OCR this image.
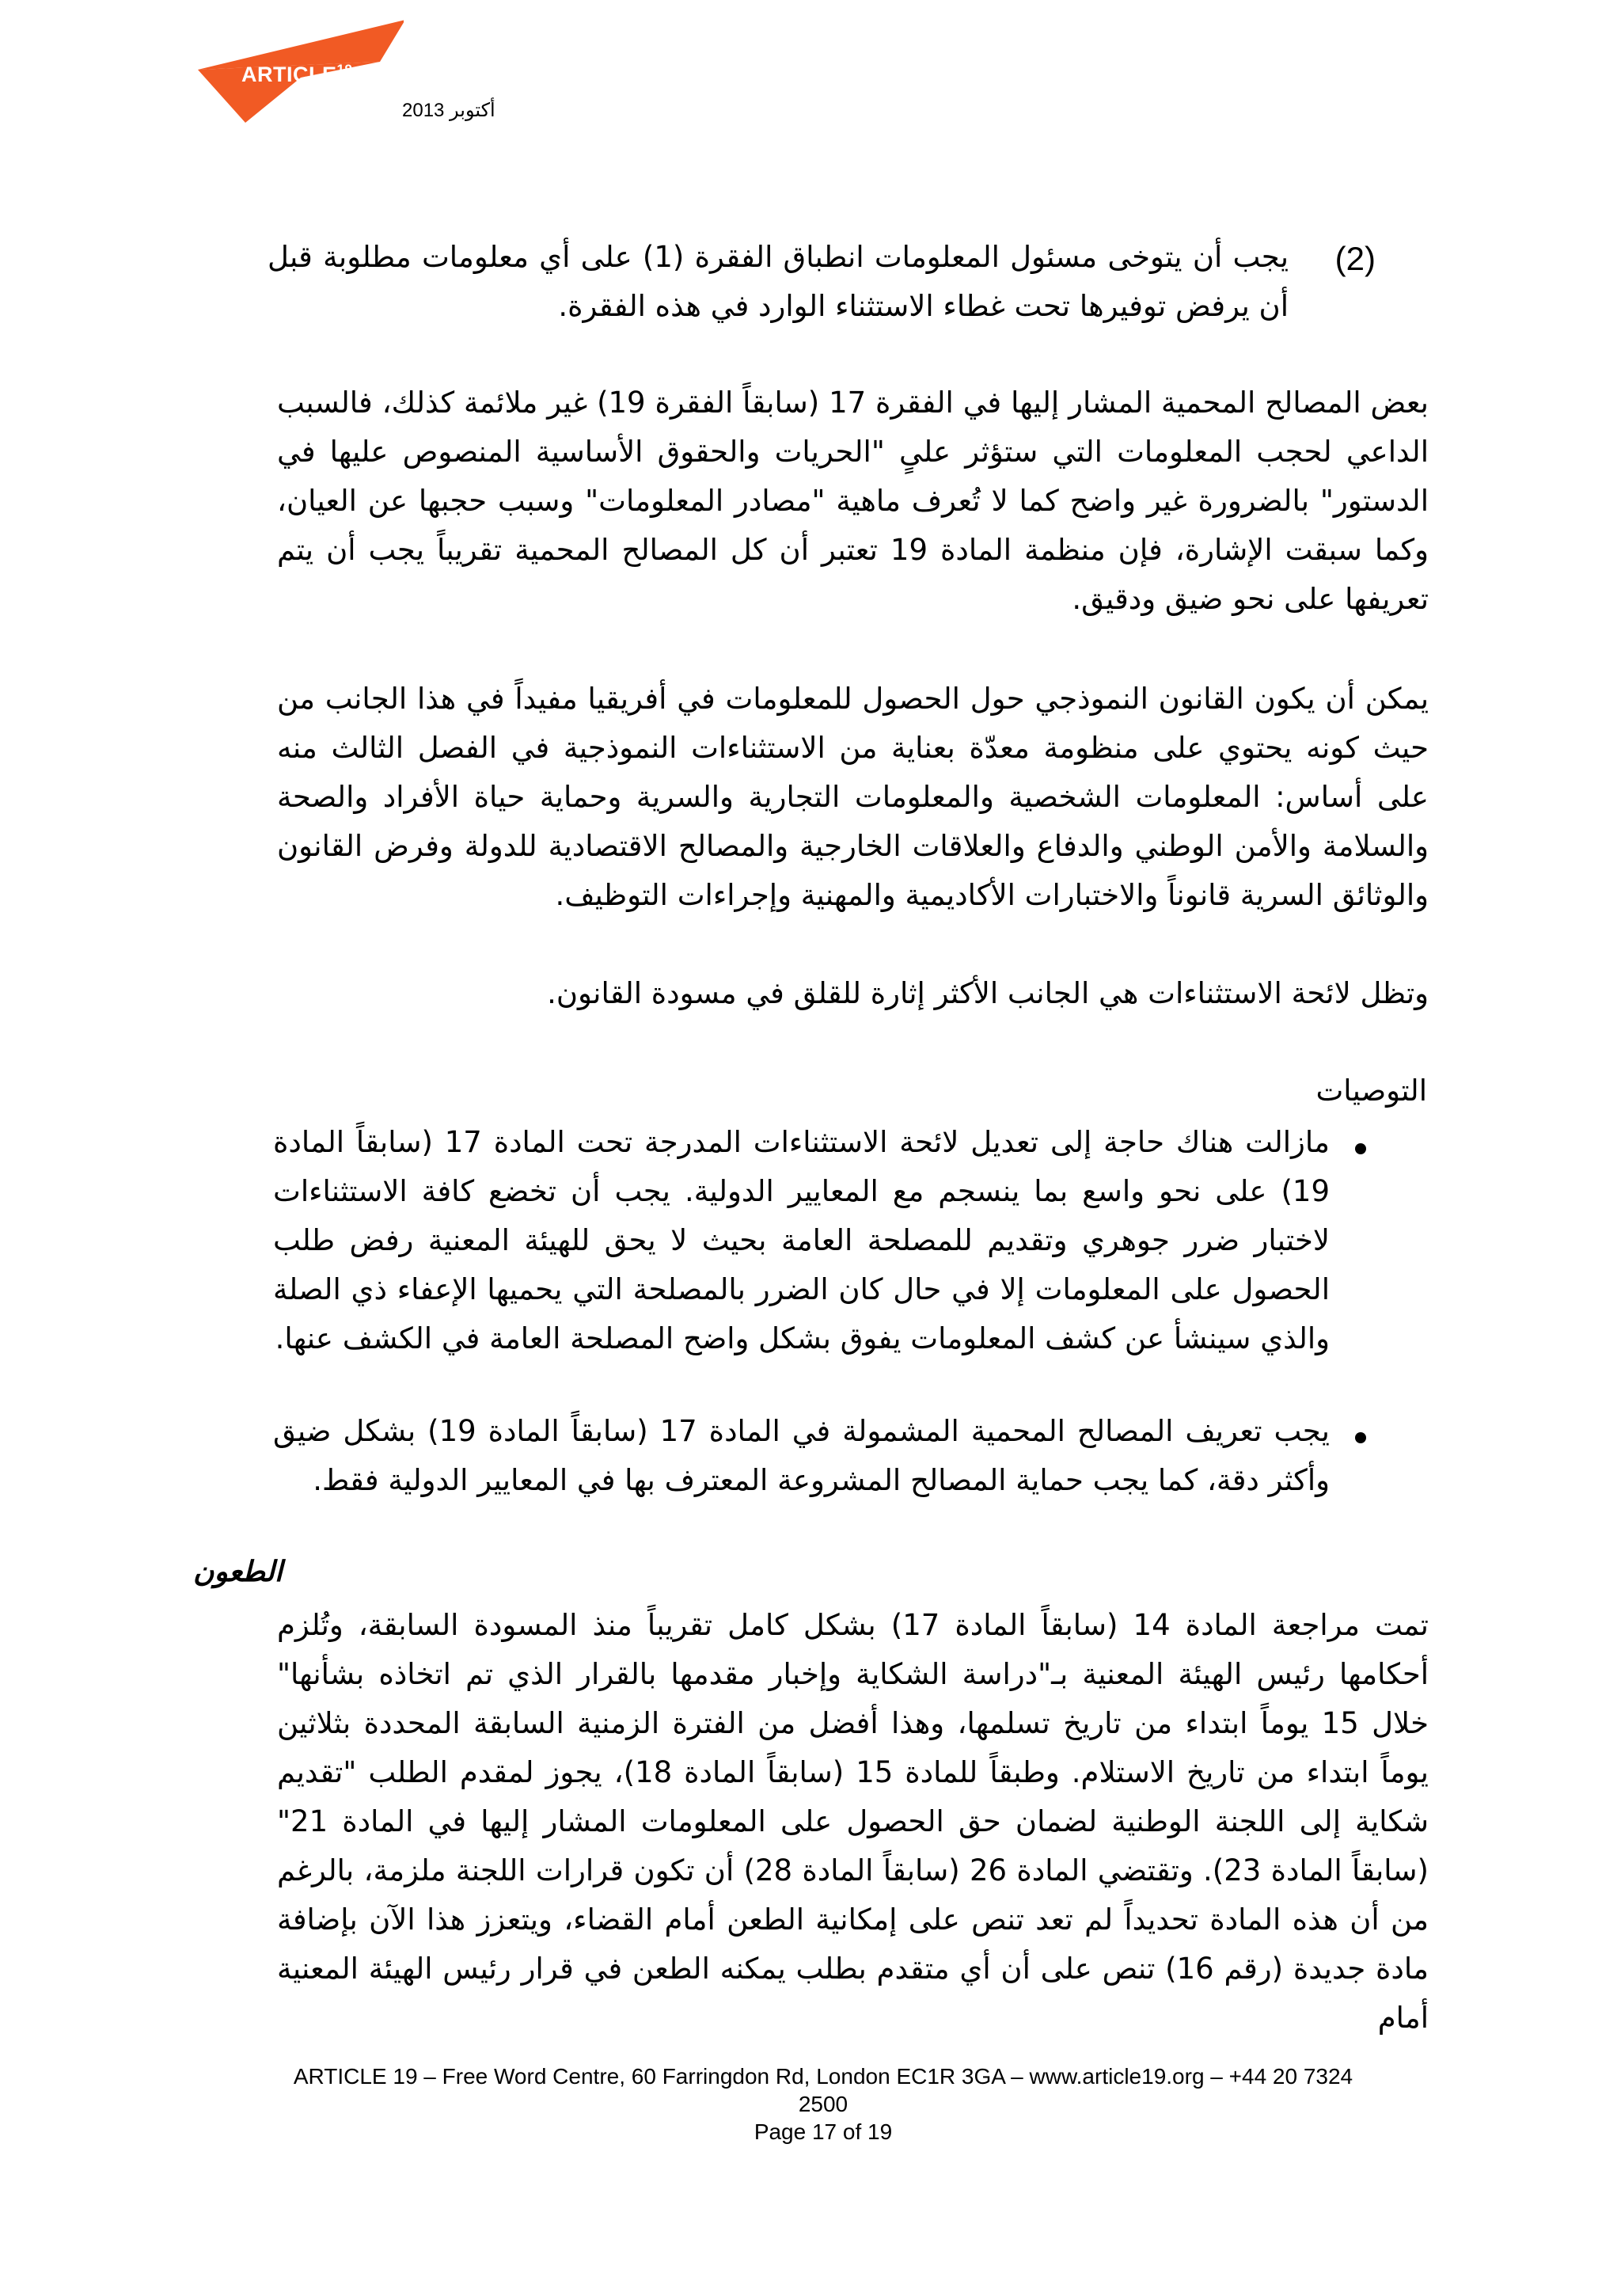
ARTICLE$^{19}$
أكتوبر 2013
(2)
يجب أن يتوخى مسئول المعلومات انطباق الفقرة (1) على أي معلومات مطلوبة قبل أن يرفض توفيرها تحت غطاء الاستثناء الوارد في هذه الفقرة.
بعض المصالح المحمية المشار إليها في الفقرة 17 (سابقاً الفقرة 19) غير ملائمة كذلك، فالسبب الداعي لحجب المعلومات التي ستؤثر علىٍ "الحريات والحقوق الأساسية المنصوص عليها في الدستور" بالضرورة غير واضح كما لا تُعرف ماهية "مصادر المعلومات" وسبب حجبها عن العيان، وكما سبقت الإشارة، فإن منظمة المادة 19 تعتبر أن كل المصالح المحمية تقريباً يجب أن يتم تعريفها على نحو ضيق ودقيق.
يمكن أن يكون القانون النموذجي حول الحصول للمعلومات في أفريقيا مفيداً في هذا الجانب من حيث كونه يحتوي على منظومة معدّة بعناية من الاستثناءات النموذجية في الفصل الثالث منه على أساس: المعلومات الشخصية والمعلومات التجارية والسرية وحماية حياة الأفراد والصحة والسلامة والأمن الوطني والدفاع والعلاقات الخارجية والمصالح الاقتصادية للدولة وفرض القانون والوثائق السرية قانوناً والاختبارات الأكاديمية والمهنية وإجراءات التوظيف.
وتظل لائحة الاستثناءات هي الجانب الأكثر إثارة للقلق في مسودة القانون.
التوصيات
مازالت هناك حاجة إلى تعديل لائحة الاستثناءات المدرجة تحت المادة 17 (سابقاً المادة 19) على نحو واسع بما ينسجم مع المعايير الدولية. يجب أن تخضع كافة الاستثناءات لاختبار ضرر جوهري وتقديم للمصلحة العامة بحيث لا يحق للهيئة المعنية رفض طلب الحصول على المعلومات إلا في حال كان الضرر بالمصلحة التي يحميها الإعفاء ذي الصلة والذي سينشأ عن كشف المعلومات يفوق بشكل واضح المصلحة العامة في الكشف عنها.
يجب تعريف المصالح المحمية المشمولة في المادة 17 (سابقاً المادة 19) بشكل ضيق وأكثر دقة، كما يجب حماية المصالح المشروعة المعترف بها في المعايير الدولية فقط.
الطعون
تمت مراجعة المادة 14 (سابقاً المادة 17) بشكل كامل تقريباً منذ المسودة السابقة، وتُلزم أحكامها رئيس الهيئة المعنية بـ"دراسة الشكاية وإخبار مقدمها بالقرار الذي تم اتخاذه بشأنها" خلال 15 يوماً ابتداء من تاريخ تسلمها، وهذا أفضل من الفترة الزمنية السابقة المحددة بثلاثين يوماً ابتداء من تاريخ الاستلام. وطبقاً للمادة 15 (سابقاً المادة 18)، يجوز لمقدم الطلب "تقديم شكاية إلى اللجنة الوطنية لضمان حق الحصول على المعلومات المشار إليها في المادة 21" (سابقاً المادة 23). وتقتضي المادة 26 (سابقاً المادة 28) أن تكون قرارات اللجنة ملزمة، بالرغم من أن هذه المادة تحديداً لم تعد تنص على إمكانية الطعن أمام القضاء، ويتعزز هذا الآن بإضافة مادة جديدة (رقم 16) تنص على أن أي متقدم بطلب يمكنه الطعن في قرار رئيس الهيئة المعنية أمام
ARTICLE 19 – Free Word Centre, 60 Farringdon Rd, London EC1R 3GA – www.article19.org – +44 20 7324
2500
Page 17 of 19
